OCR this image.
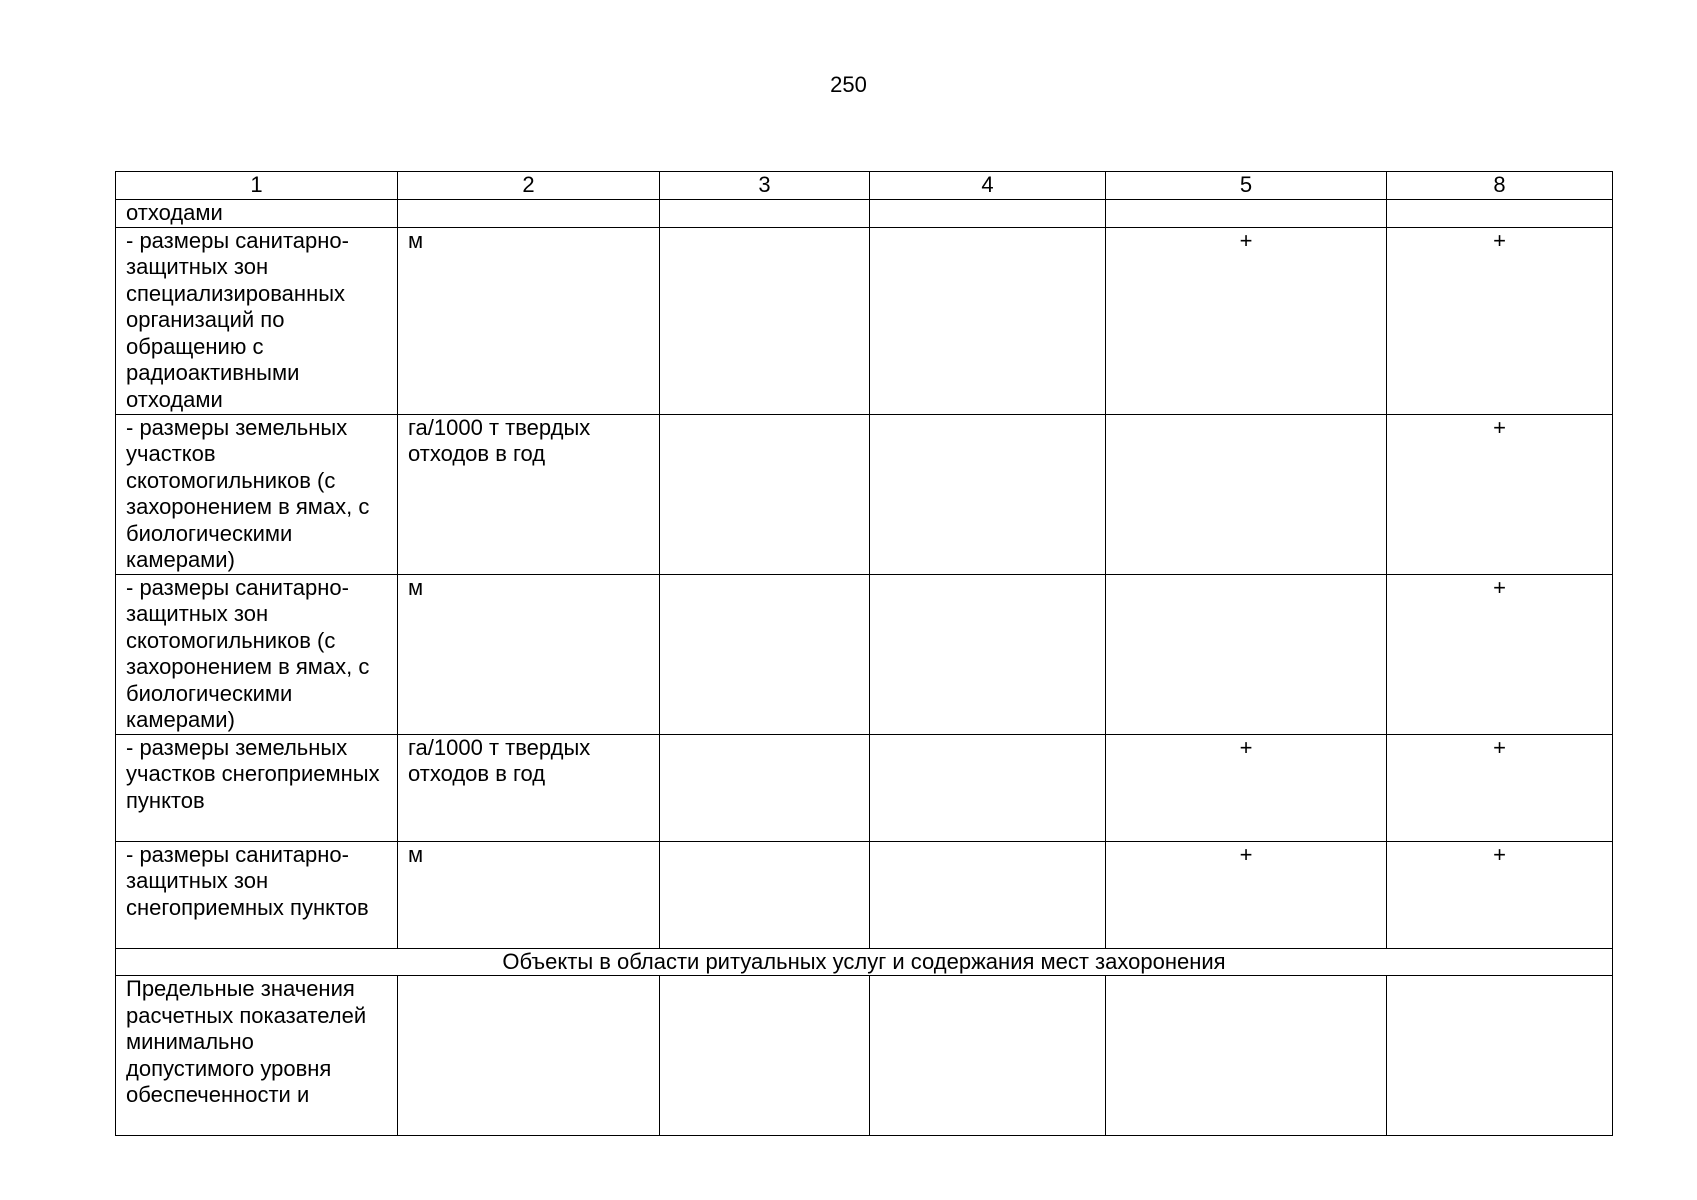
250
1	2	3	4	5	8
отходами					
- размеры санитарно-защитных зон специализированных организаций по обращению с радиоактивными отходами	м			+	+
- размеры земельных участков скотомогильников (с захоронением в ямах, с биологическими камерами)	га/1000 т твердых отходов в год				+
- размеры санитарно-защитных зон скотомогильников (с захоронением в ямах, с биологическими камерами)	м				+
- размеры земельных участков снегоприемных пунктов	га/1000 т твердых отходов в год			+	+
- размеры санитарно-защитных зон снегоприемных пунктов	м			+	+
Объекты в области ритуальных услуг и содержания мест захоронения					
Предельные значения расчетных показателей минимально допустимого уровня обеспеченности и					
